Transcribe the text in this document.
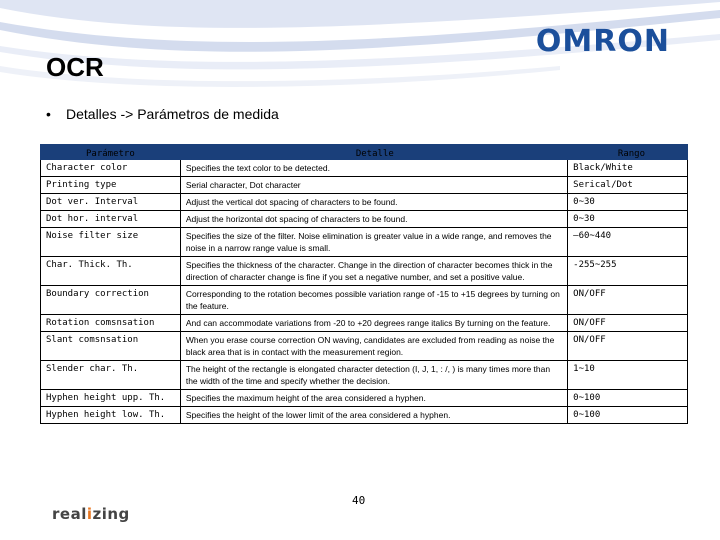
OMRON
OCR
• Detalles -> Parámetros de medida
Parámetro	Detalle	Rango
Character color	Specifies the text color to be detected.	Black/White
Printing type	Serial character, Dot character	Serical/Dot
Dot ver. Interval	Adjust the vertical dot spacing of characters to be found.	0~30
Dot hor. interval	Adjust the horizontal dot spacing of characters to be found.	0~30
Noise filter size	Specifies the size of the filter. Noise elimination is greater value in a wide range, and removes the noise in a narrow range value is small.	—60~440
Char. Thick. Th.	Specifies the thickness of the character. Change in the direction of character becomes thick in the direction of character change is fine if you set a negative number, and set a positive value.	-255~255
Boundary correction	Corresponding to the rotation becomes possible variation range of -15 to +15 degrees by turning on the feature.	ON/OFF
Rotation comsnsation	And can accommodate variations from -20 to +20 degrees range italics By turning on the feature.	ON/OFF
Slant comsnsation	When you erase course correction ON waving, candidates are excluded from reading as noise the black area that is in contact with the measurement region.	ON/OFF
Slender char. Th.	The height of the rectangle is elongated character detection (I, J, 1, : /, ) is many times more than the width of the time and specify whether the decision.	1~10
Hyphen height upp. Th.	Specifies the maximum height of the area considered a hyphen.	0~100
Hyphen height low. Th.	Specifies the height of the lower limit of the area considered a hyphen.	0~100
40
realizing
